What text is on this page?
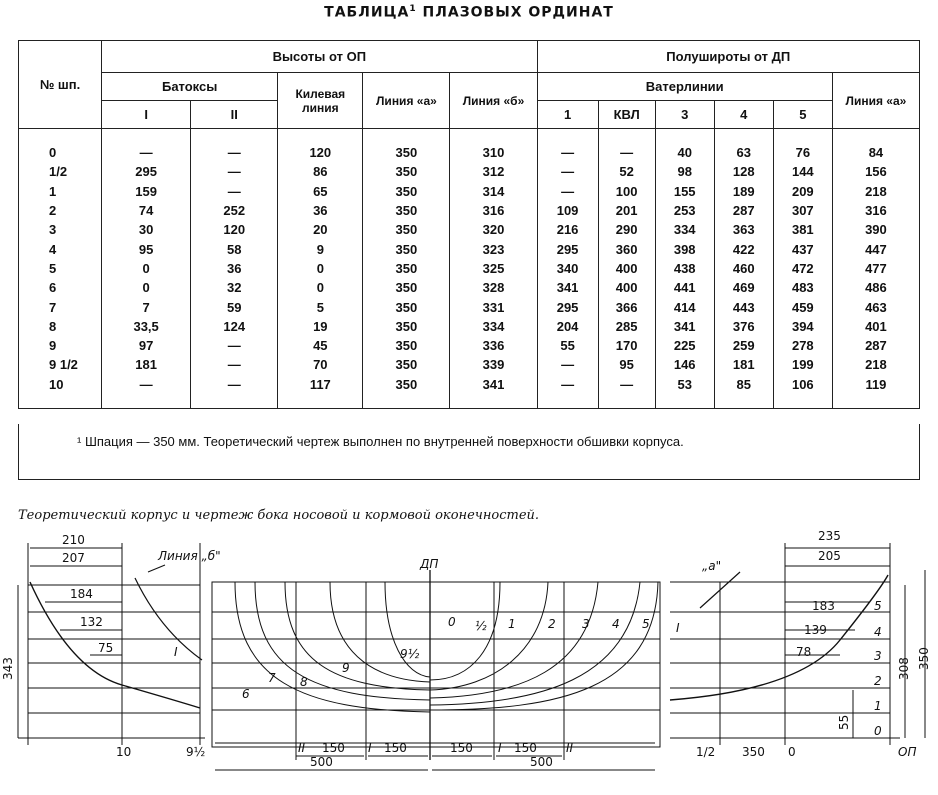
ТАБЛИЦА$^1$ ПЛАЗОВЫХ ОРДИНАТ
№ шп.	Высоты от ОП					Полушироты от ДП					
	Батоксы		Килевая линия	Линия «а»	Линия «б»	Ватерлинии					Линия «а»
	I	II				1	КВЛ	3	4	5	
0	—	—	120	350	310	—	—	40	63	76	84
1/2	295	—	86	350	312	—	52	98	128	144	156
1	159	—	65	350	314	—	100	155	189	209	218
2	74	252	36	350	316	109	201	253	287	307	316
3	30	120	20	350	320	216	290	334	363	381	390
4	95	58	9	350	323	295	360	398	422	437	447
5	0	36	0	350	325	340	400	438	460	472	477
6	0	32	0	350	328	341	400	441	469	483	486
7	7	59	5	350	331	295	366	414	443	459	463
8	33,5	124	19	350	334	204	285	341	376	394	401
9	97	—	45	350	336	55	170	225	259	278	287
9 1/2	181	—	70	350	339	—	95	146	181	199	218
10	—	—	117	350	341	—	—	53	85	106	119

¹ Шпация — 350 мм. Теоретический чертеж выполнен по внутренней поверхности обшивки корпуса.

Теоретический корпус и чертеж бока носовой и кормовой оконечностей.
210
207
184
132
75
343
Линия „б"
I
10	9½
ДП
0 ½ 1	2 3 4 5
9½
9
8
7
6
II	I	I	II
150	150	150	150
500	500
235
205
183
139
78
308 350
55
„а"
I
5
4
3
2
1
0
1/2 350 0	ОП
